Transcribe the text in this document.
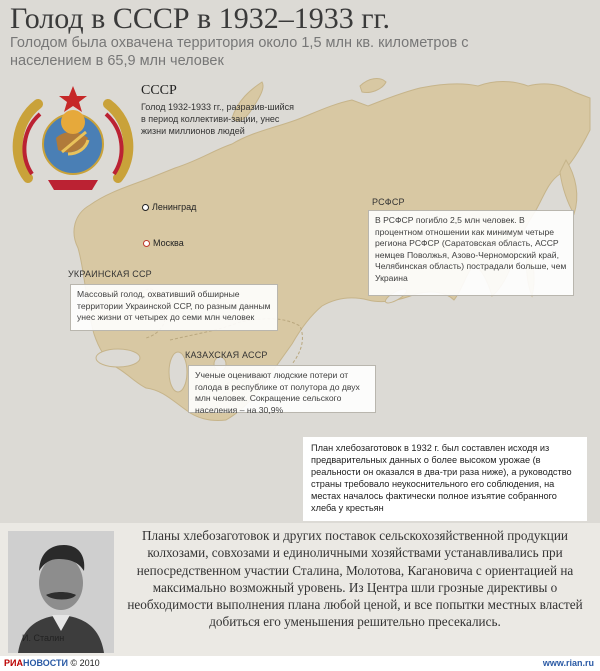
Голод в СССР в 1932–1933 гг.
Голодом была охвачена территория около 1,5 млн кв. километров с населением в 65,9 млн человек
СССР
Голод 1932-1933 гг., разразив-шийся в период коллективи-зации, унес жизни миллионов людей
Ленинград
Москва
РСФСР
В РСФСР погибло 2,5 млн человек. В процентном отношении как минимум четыре региона РСФСР (Саратовская область, АССР немцев Поволжья, Азово-Черноморский край, Челябинская область) пострадали больше, чем Украина
УКРАИНСКАЯ ССР
Массовый голод, охвативший обширные территории Украинской ССР, по разным данным унес жизни от четырех до семи млн человек
КАЗАХСКАЯ АССР
Ученые оценивают людские потери от голода в республике от полутора до двух млн человек. Сокращение сельского населения – на 30,9%
План хлебозаготовок в 1932 г. был составлен исходя из предварительных данных о более высоком урожае (в реальности он оказался в два-три раза ниже), а руководство страны требовало неукоснительного его соблюдения, на местах началось фактически полное изъятие собранного хлеба у крестьян
И. Сталин
Планы хлебозаготовок и других поставок сельскохозяйственной продукции колхозами, совхозами и единоличными хозяйствами устанавливались при непосредственном участии Сталина, Молотова, Кагановича с ориентацией на максимально возможный уровень. Из Центра шли грозные директивы о необходимости выполнения плана любой ценой, и все попытки местных властей добиться его уменьшения решительно пресекались.
РИАНОВОСТИ © 2010	www.rian.ru
